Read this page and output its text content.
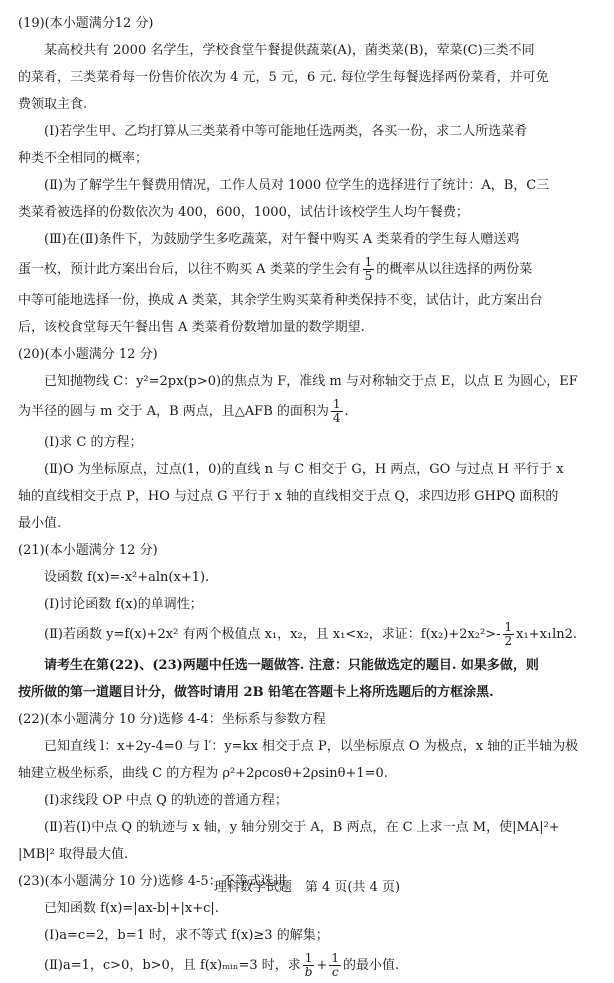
(19)(本小题满分12 分)
某高校共有 2000 名学生，学校食堂午餐提供蔬菜(A)，菌类菜(B)，荤菜(C)三类不同
的菜肴，三类菜肴每一份售价依次为 4 元，5 元，6 元. 每位学生每餐选择两份菜肴，并可免
费领取主食.
(Ⅰ)若学生甲、乙均打算从三类菜肴中等可能地任选两类，各买一份，求二人所选菜肴
种类不全相同的概率；
(Ⅱ)为了解学生午餐费用情况，工作人员对 1000 位学生的选择进行了统计：A，B，C三
类菜肴被选择的份数依次为 400，600，1000，试估计该校学生人均午餐费；
(Ⅲ)在(Ⅱ)条件下，为鼓励学生多吃蔬菜，对午餐中购买 A 类菜肴的学生每人赠送鸡
蛋一枚，预计此方案出台后，以往不购买 A 类菜的学生会有 $\frac{1}{5}$ 的概率从以往选择的两份菜
中等可能地选择一份，换成 A 类菜，其余学生购买菜肴种类保持不变，试估计，此方案出台
后，该校食堂每天午餐出售 A 类菜肴份数增加量的数学期望.
(20)(本小题满分 12 分)
已知抛物线 C：y²=2px(p>0)的焦点为 F，准线 m 与对称轴交于点 E，以点 E 为圆心，EF
为半径的圆与 m 交于 A，B 两点，且△AFB 的面积为 $\frac{1}{4}$ .
(Ⅰ)求 C 的方程；
(Ⅱ)O 为坐标原点，过点(1，0)的直线 n 与 C 相交于 G，H 两点，GO 与过点 H 平行于 x
轴的直线相交于点 P，HO 与过点 G 平行于 x 轴的直线相交于点 Q，求四边形 GHPQ 面积的
最小值.
(21)(本小题满分 12 分)
设函数 f(x)=-x²+aln(x+1).
(Ⅰ)讨论函数 f(x)的单调性；
(Ⅱ)若函数 y=f(x)+2x² 有两个极值点 x₁，x₂，且 x₁<x₂，求证：$f(x_2)+2x_2^2>- \frac{1}{2} x_1+x_1\ln 2$.
请考生在第(22)、(23)两题中任选一题做答. 注意：只能做选定的题目. 如果多做，则
按所做的第一道题目计分，做答时请用 2B 铅笔在答题卡上将所选题后的方框涂黑.
(22)(本小题满分 10 分)选修 4-4：坐标系与参数方程
已知直线 l：x+2y-4=0 与 l′：y=kx 相交于点 P，以坐标原点 O 为极点，x 轴的正半轴为极
轴建立极坐标系，曲线 C 的方程为 ρ²+2ρcosθ+2ρsinθ+1=0.
(Ⅰ)求线段 OP 中点 Q 的轨迹的普通方程；
(Ⅱ)若(Ⅰ)中点 Q 的轨迹与 x 轴，y 轴分别交于 A，B 两点，在 C 上求一点 M，使|MA|²+
|MB|² 取得最大值.
(23)(本小题满分 10 分)选修 4-5：不等式选讲
已知函数 f(x)=|ax-b|+|x+c|.
(Ⅰ)a=c=2，b=1 时，求不等式 f(x)≥3 的解集；
(Ⅱ)a=1，c>0，b>0，且 f(x)ₘᵢₙ=3 时，求 $\frac{1}{b} + \frac{1}{c}$ 的最小值.
理科数学试题　第 4 页(共 4 页)
